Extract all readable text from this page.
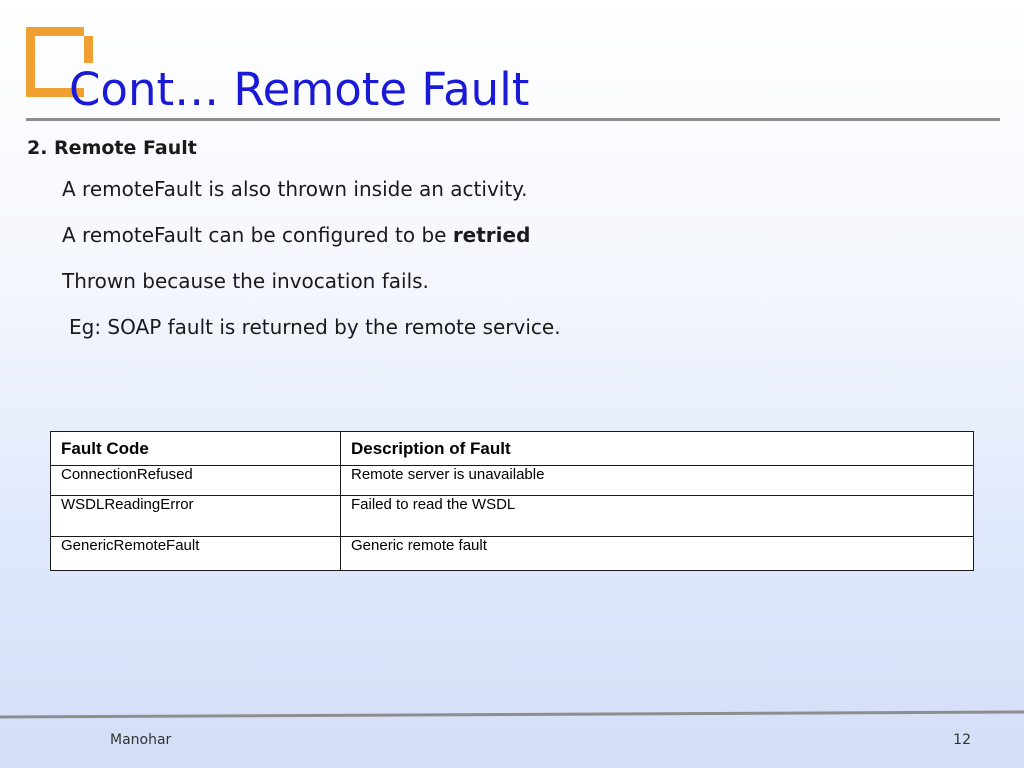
Cont… Remote Fault

2. Remote Fault

A remoteFault is also thrown inside an activity.

A remoteFault can be configured to be retried

Thrown because the invocation fails.

Eg: SOAP fault is returned by the remote service.

Fault Code	Description of Fault
ConnectionRefused	Remote server is unavailable
WSDLReadingError	Failed to read the WSDL
GenericRemoteFault	Generic remote fault

Manohar	12
